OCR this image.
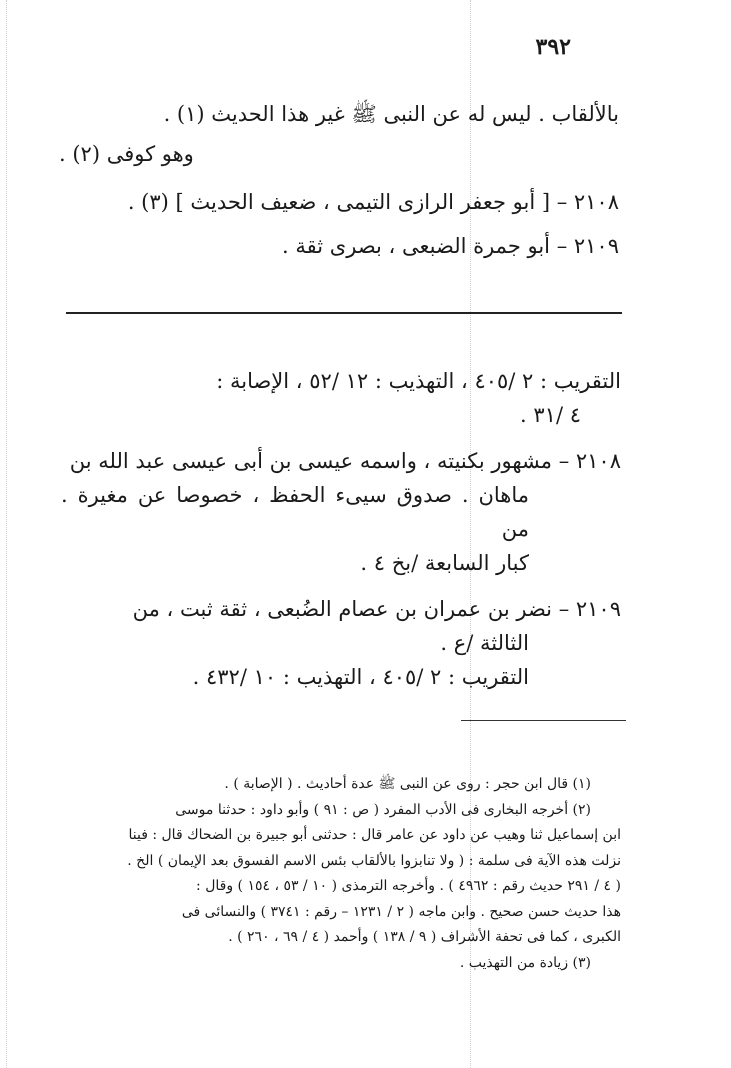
٣٩٢
بالألقاب . ليس له عن النبى ﷺ غير هذا الحديث (١) .
وهو كوفى (٢) .
٢١٠٨ – [ أبو جعفر الرازى التيمى ، ضعيف الحديث ] (٣) .
٢١٠٩ – أبو جمرة الضبعى ، بصرى ثقة .

التقريب : ٢ /٤٠٥ ، التهذيب : ١٢ /٥٢ ، الإصابة :

٤ /٣١ .

٢١٠٨ – مشهور بكنيته ، واسمه عيسى بن أبى عيسى عبد الله بن

ماهان . صدوق سيىء الحفظ ، خصوصا عن مغيرة . من

كبار السابعة /بخ ٤ .

٢١٠٩ – نضر بن عمران بن عصام الضُبعى ، ثقة ثبت ، من

الثالثة /ع .

التقريب : ٢ /٤٠٥ ، التهذيب : ١٠ /٤٣٢ .

(١) قال ابن حجر : روى عن النبى ﷺ عدة أحاديث . ( الإصابة ) .

(٢) أخرجه البخارى فى الأدب المفرد ( ص : ٩١ ) وأبو داود : حدثنا موسى

ابن إسماعيل ثنا وهيب عن داود عن عامر قال : حدثنى أبو جبيرة بن الضحاك قال : فينا

نزلت هذه الآية فى سلمة : ( ولا تنابزوا بالألقاب بئس الاسم الفسوق بعد الإيمان ) الخ .

( ٤ / ٢٩١ حديث رقم : ٤٩٦٢ ) . وأخرجه الترمذى ( ١٠ / ٥٣ ، ١٥٤ ) وقال :

هذا حديث حسن صحيح . وابن ماجه ( ٢ / ١٢٣١ – رقم : ٣٧٤١ ) والنسائى فى

الكبرى ، كما فى تحفة الأشراف ( ٩ / ١٣٨ ) وأحمد ( ٤ / ٦٩ ، ٢٦٠ ) .

(٣) زيادة من التهذيب .
